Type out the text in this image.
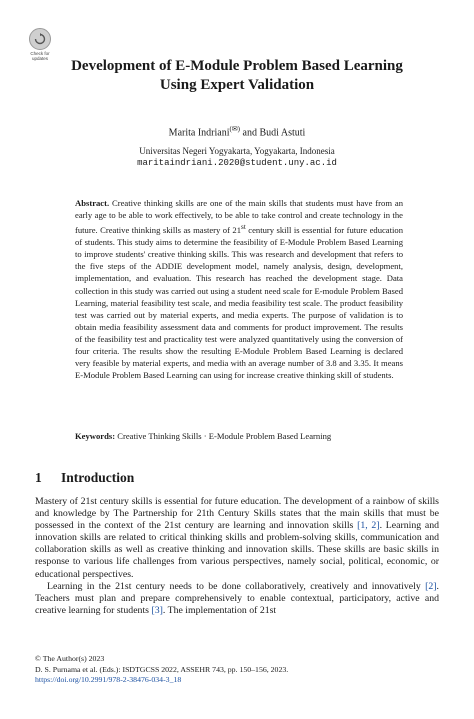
Check for
updates	Development of E-Module Problem Based Learning Using Expert Validation
Marita Indriani(✉) and Budi Astuti
Universitas Negeri Yogyakarta, Yogyakarta, Indonesia
maritaindriani.2020@student.uny.ac.id
Abstract. Creative thinking skills are one of the main skills that students must have from an early age to be able to work effectively, to be able to take control and create technology in the future. Creative thinking skills as mastery of 21st century skill is essential for future education of students. This study aims to determine the feasibility of E-Module Problem Based Learning to improve students' creative thinking skills. This was research and development that refers to the five steps of the ADDIE development model, namely analysis, design, development, implementation, and evaluation. This research has reached the development stage. Data collection in this study was carried out using a student need scale for E-module Problem Based Learning, material feasibility test scale, and media feasibility test scale. The product feasibility test was carried out by material experts, and media experts. The purpose of validation is to obtain media feasibility assessment data and comments for product improvement. The results of the feasibility test and practicality test were analyzed quantitatively using the conversion of four criteria. The results show the resulting E-Module Problem Based Learning is declared very feasible by material experts, and media with an average number of 3.8 and 3.35. It means E-Module Problem Based Learning can using for increase creative thinking skill of students.
Keywords: Creative Thinking Skills · E-Module Problem Based Learning
1 Introduction

Mastery of 21st century skills is essential for future education. The development of a rainbow of skills and knowledge by The Partnership for 21th Century Skills states that the main skills that must be possessed in the context of the 21st century are learning and innovation skills [1, 2]. Learning and innovation skills are related to critical thinking skills and problem-solving skills, communication and collaboration skills as well as creative thinking and innovation skills. These skills are basic skills in response to various life challenges from various perspectives, namely social, political, economic, or educational perspectives.

Learning in the 21st century needs to be done collaboratively, creatively and innovatively [2]. Teachers must plan and prepare comprehensively to enable contextual, participatory, active and creative learning for students [3]. The implementation of 21st

© The Author(s) 2023
D. S. Purnama et al. (Eds.): ISDTGCSS 2022, ASSEHR 743, pp. 150–156, 2023.
https://doi.org/10.2991/978-2-38476-034-3_18
